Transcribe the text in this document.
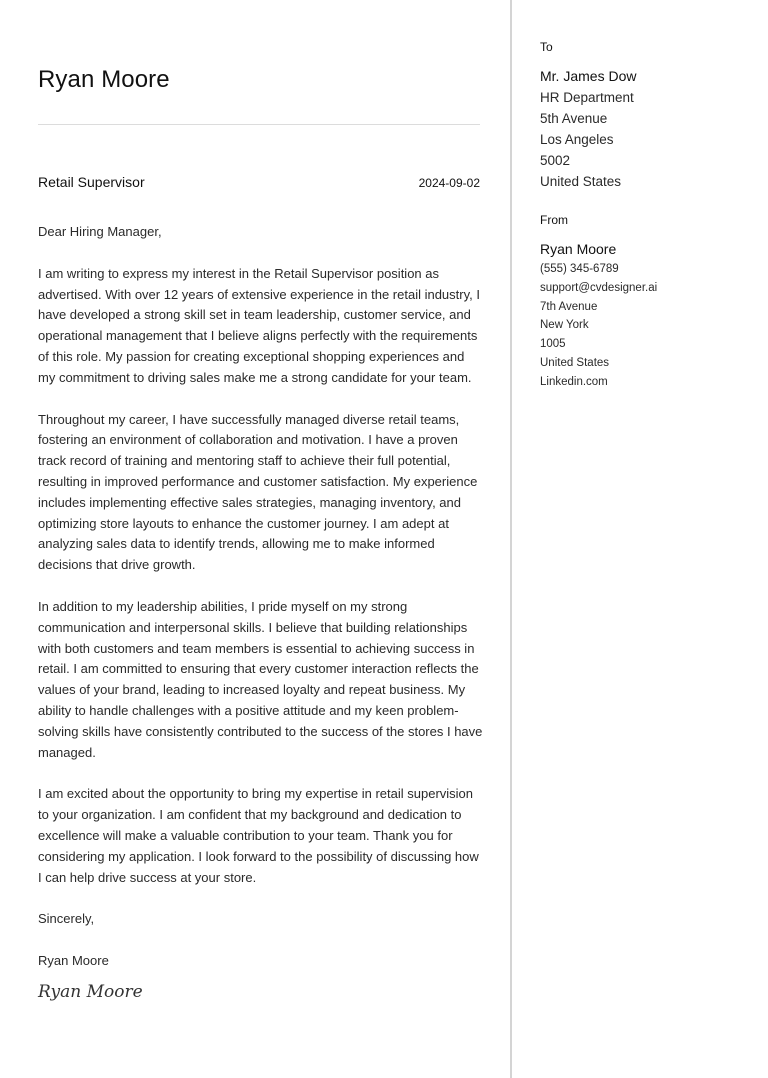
Ryan Moore
Retail Supervisor	2024-09-02

Dear Hiring Manager,

I am writing to express my interest in the Retail Supervisor position as advertised. With over 12 years of extensive experience in the retail industry, I have developed a strong skill set in team leadership, customer service, and operational management that I believe aligns perfectly with the requirements of this role. My passion for creating exceptional shopping experiences and my commitment to driving sales make me a strong candidate for your team.

Throughout my career, I have successfully managed diverse retail teams, fostering an environment of collaboration and motivation. I have a proven track record of training and mentoring staff to achieve their full potential, resulting in improved performance and customer satisfaction. My experience includes implementing effective sales strategies, managing inventory, and optimizing store layouts to enhance the customer journey. I am adept at analyzing sales data to identify trends, allowing me to make informed decisions that drive growth.

In addition to my leadership abilities, I pride myself on my strong communication and interpersonal skills. I believe that building relationships with both customers and team members is essential to achieving success in retail. I am committed to ensuring that every customer interaction reflects the values of your brand, leading to increased loyalty and repeat business. My ability to handle challenges with a positive attitude and my keen problem-solving skills have consistently contributed to the success of the stores I have managed.

I am excited about the opportunity to bring my expertise in retail supervision to your organization. I am confident that my background and dedication to excellence will make a valuable contribution to your team. Thank you for considering my application. I look forward to the possibility of discussing how I can help drive success at your store.

Sincerely,

Ryan Moore

Ryan Moore

To

Mr. James Dow
HR Department
5th Avenue
Los Angeles
5002
United States

From

Ryan Moore
(555) 345-6789
support@cvdesigner.ai
7th Avenue
New York
1005
United States
Linkedin.com
